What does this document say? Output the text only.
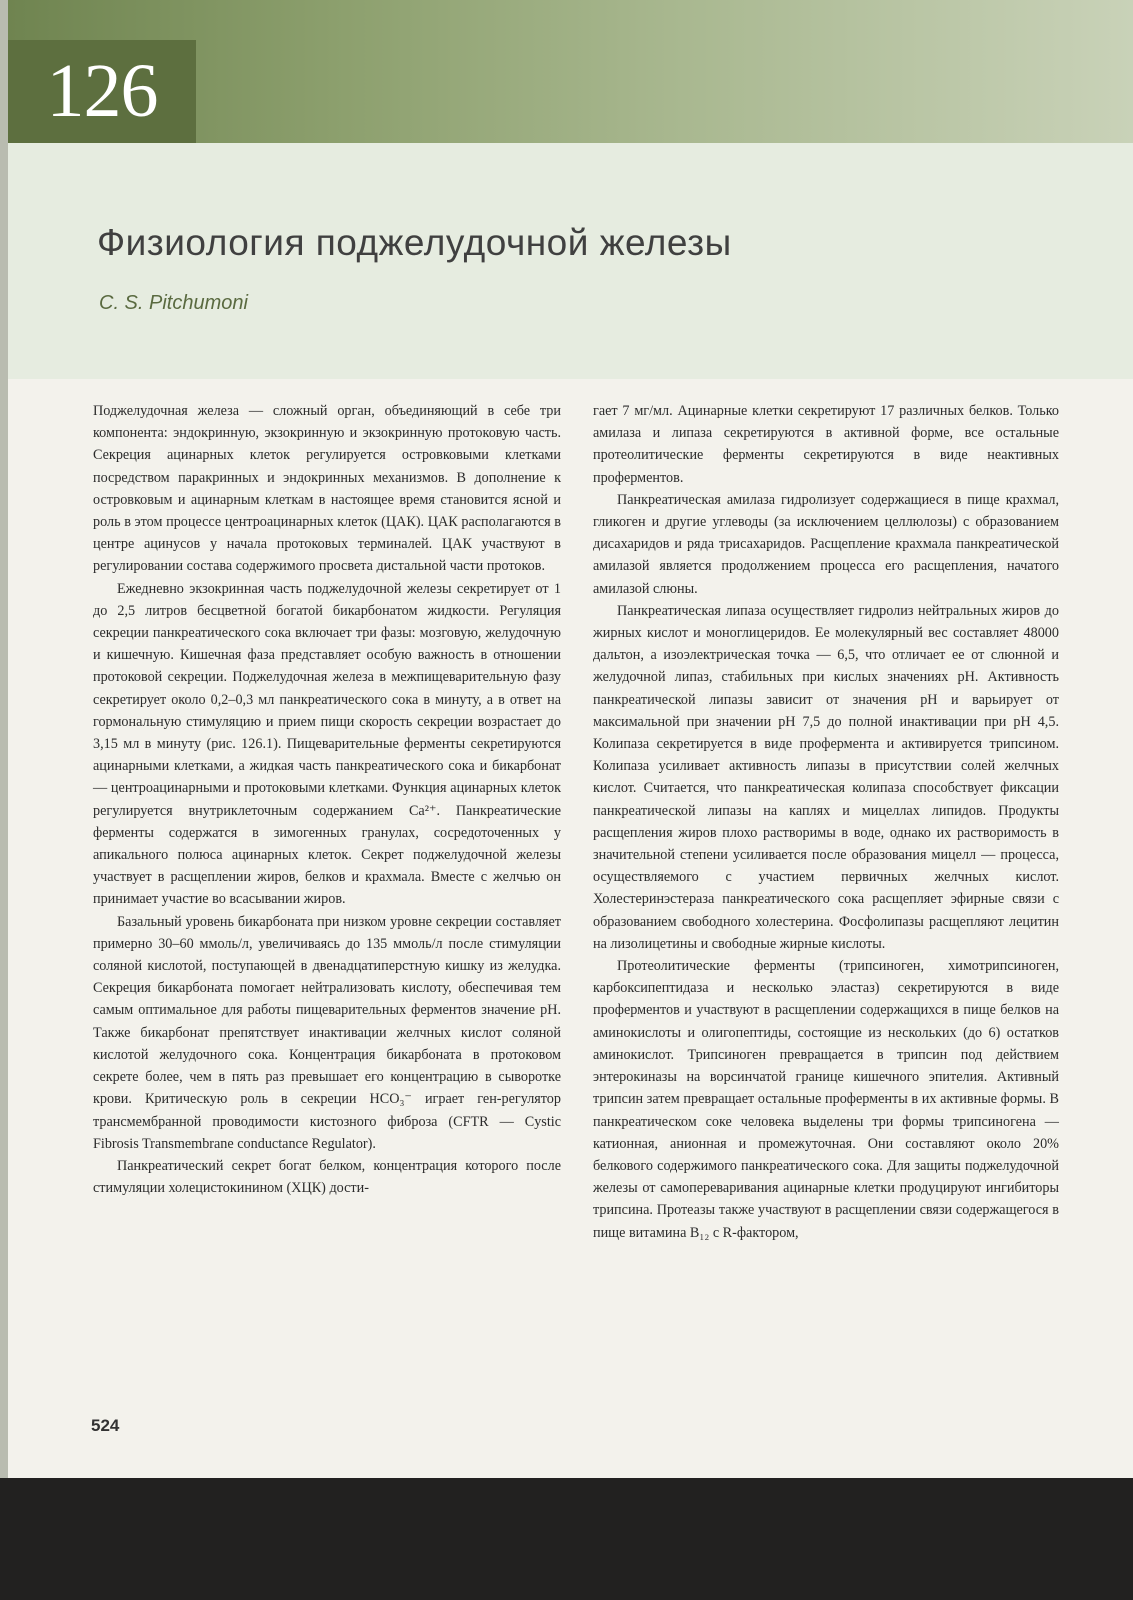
126
Физиология поджелудочной железы
C. S. Pitchumoni

Поджелудочная железа — сложный орган, объединяющий в себе три компонента: эндокринную, экзокринную и экзокринную протоковую часть. Секреция ацинарных клеток регулируется островковыми клетками посредством паракринных и эндокринных механизмов. В дополнение к островковым и ацинарным клеткам в настоящее время становится ясной и роль в этом процессе центроацинарных клеток (ЦАК). ЦАК располагаются в центре ацинусов у начала протоковых терминалей. ЦАК участвуют в регулировании состава содержимого просвета дистальной части протоков.

Ежедневно экзокринная часть поджелудочной железы секретирует от 1 до 2,5 литров бесцветной богатой бикарбонатом жидкости. Регуляция секреции панкреатического сока включает три фазы: мозговую, желудочную и кишечную. Кишечная фаза представляет особую важность в отношении протоковой секреции. Поджелудочная железа в межпищеварительную фазу секретирует около 0,2–0,3 мл панкреатического сока в минуту, а в ответ на гормональную стимуляцию и прием пищи скорость секреции возрастает до 3,15 мл в минуту (рис. 126.1). Пищеварительные ферменты секретируются ацинарными клетками, а жидкая часть панкреатического сока и бикарбонат — центроацинарными и протоковыми клетками. Функция ацинарных клеток регулируется внутриклеточным содержанием Ca²⁺. Панкреатические ферменты содержатся в зимогенных гранулах, сосредоточенных у апикального полюса ацинарных клеток. Секрет поджелудочной железы участвует в расщеплении жиров, белков и крахмала. Вместе с желчью он принимает участие во всасывании жиров.

Базальный уровень бикарбоната при низком уровне секреции составляет примерно 30–60 ммоль/л, увеличиваясь до 135 ммоль/л после стимуляции соляной кислотой, поступающей в двенадцатиперстную кишку из желудка. Секреция бикарбоната помогает нейтрализовать кислоту, обеспечивая тем самым оптимальное для работы пищеварительных ферментов значение pH. Также бикарбонат препятствует инактивации желчных кислот соляной кислотой желудочного сока. Концентрация бикарбоната в протоковом секрете более, чем в пять раз превышает его концентрацию в сыворотке крови. Критическую роль в секреции HCO₃⁻ играет ген-регулятор трансмембранной проводимости кистозного фиброза (CFTR — Cystic Fibrosis Transmembrane conductance Regulator).

Панкреатический секрет богат белком, концентрация которого после стимуляции холецистокинином (ХЦК) дости-

гает 7 мг/мл. Ацинарные клетки секретируют 17 различных белков. Только амилаза и липаза секретируются в активной форме, все остальные протеолитические ферменты секретируются в виде неактивных проферментов.

Панкреатическая амилаза гидролизует содержащиеся в пище крахмал, гликоген и другие углеводы (за исключением целлюлозы) с образованием дисахаридов и ряда трисахаридов. Расщепление крахмала панкреатической амилазой является продолжением процесса его расщепления, начатого амилазой слюны.

Панкреатическая липаза осуществляет гидролиз нейтральных жиров до жирных кислот и моноглицеридов. Ее молекулярный вес составляет 48000 дальтон, а изоэлектрическая точка — 6,5, что отличает ее от слюнной и желудочной липаз, стабильных при кислых значениях pH. Активность панкреатической липазы зависит от значения pH и варьирует от максимальной при значении pH 7,5 до полной инактивации при pH 4,5. Колипаза секретируется в виде профермента и активируется трипсином. Колипаза усиливает активность липазы в присутствии солей желчных кислот. Считается, что панкреатическая колипаза способствует фиксации панкреатической липазы на каплях и мицеллах липидов. Продукты расщепления жиров плохо растворимы в воде, однако их растворимость в значительной степени усиливается после образования мицелл — процесса, осуществляемого с участием первичных желчных кислот. Холестеринэстераза панкреатического сока расщепляет эфирные связи с образованием свободного холестерина. Фосфолипазы расщепляют лецитин на лизолицетины и свободные жирные кислоты.

Протеолитические ферменты (трипсиноген, химотрипсиноген, карбоксипептидаза и несколько эластаз) секретируются в виде проферментов и участвуют в расщеплении содержащихся в пище белков на аминокислоты и олигопептиды, состоящие из нескольких (до 6) остатков аминокислот. Трипсиноген превращается в трипсин под действием энтерокиназы на ворсинчатой границе кишечного эпителия. Активный трипсин затем превращает остальные проферменты в их активные формы. В панкреатическом соке человека выделены три формы трипсиногена — катионная, анионная и промежуточная. Они составляют около 20% белкового содержимого панкреатического сока. Для защиты поджелудочной железы от самопереваривания ацинарные клетки продуцируют ингибиторы трипсина. Протеазы также участвуют в расщеплении связи содержащегося в пище витамина B₁₂ с R-фактором,

524
